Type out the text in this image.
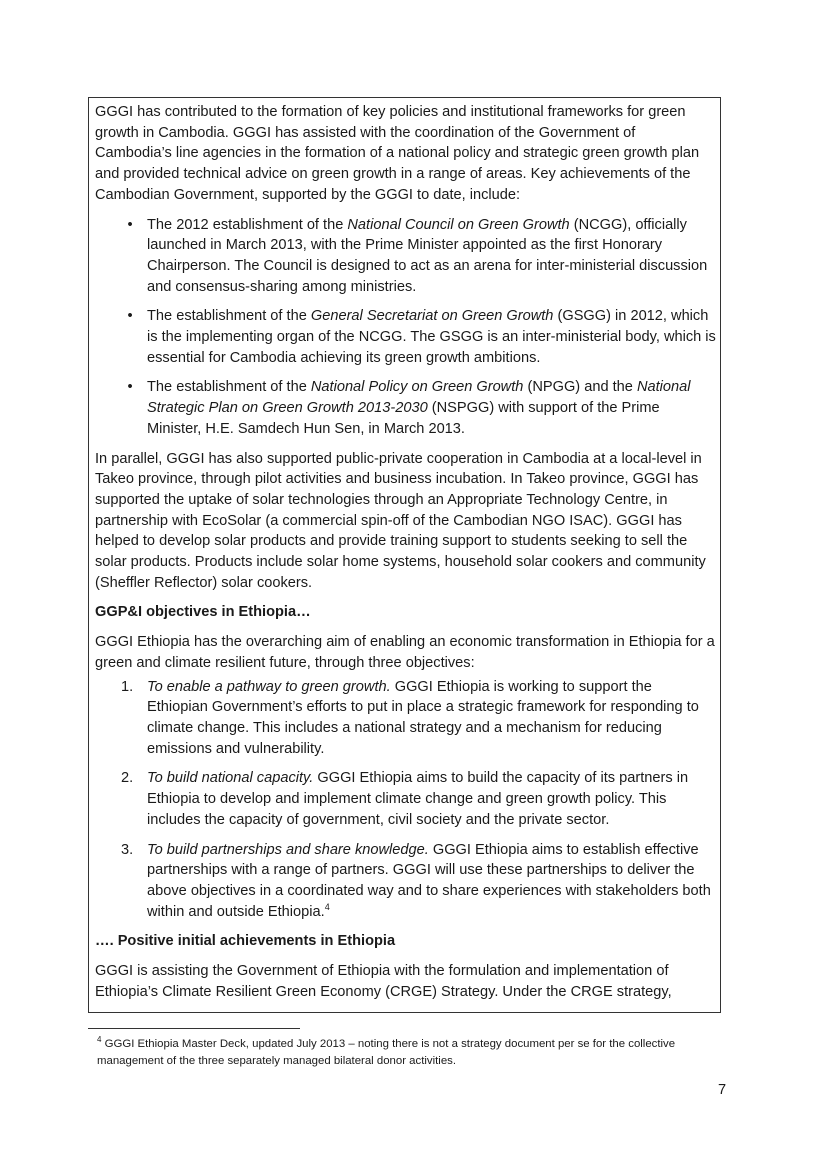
GGGI has contributed to the formation of key policies and institutional frameworks for green growth in Cambodia. GGGI has assisted with the coordination of the Government of Cambodia’s line agencies in the formation of a national policy and strategic green growth plan and provided technical advice on green growth in a range of areas. Key achievements of the Cambodian Government, supported by the GGGI to date, include:

• The 2012 establishment of the National Council on Green Growth (NCGG), officially launched in March 2013, with the Prime Minister appointed as the first Honorary Chairperson. The Council is designed to act as an arena for inter-ministerial discussion and consensus-sharing among ministries.
• The establishment of the General Secretariat on Green Growth (GSGG) in 2012, which is the implementing organ of the NCGG. The GSGG is an inter-ministerial body, which is essential for Cambodia achieving its green growth ambitions.
• The establishment of the National Policy on Green Growth (NPGG) and the National Strategic Plan on Green Growth 2013-2030 (NSPGG) with support of the Prime Minister, H.E. Samdech Hun Sen, in March 2013.

In parallel, GGGI has also supported public-private cooperation in Cambodia at a local-level in Takeo province, through pilot activities and business incubation. In Takeo province, GGGI has supported the uptake of solar technologies through an Appropriate Technology Centre, in partnership with EcoSolar (a commercial spin-off of the Cambodian NGO ISAC). GGGI has helped to develop solar products and provide training support to students seeking to sell the solar products. Products include solar home systems, household solar cookers and community (Sheffler Reflector) solar cookers.

GGP&I objectives in Ethiopia…

GGGI Ethiopia has the overarching aim of enabling an economic transformation in Ethiopia for a green and climate resilient future, through three objectives:

1. To enable a pathway to green growth. GGGI Ethiopia is working to support the Ethiopian Government’s efforts to put in place a strategic framework for responding to climate change. This includes a national strategy and a mechanism for reducing emissions and vulnerability.
2. To build national capacity. GGGI Ethiopia aims to build the capacity of its partners in Ethiopia to develop and implement climate change and green growth policy. This includes the capacity of government, civil society and the private sector.
3. To build partnerships and share knowledge. GGGI Ethiopia aims to establish effective partnerships with a range of partners. GGGI will use these partnerships to deliver the above objectives in a coordinated way and to share experiences with stakeholders both within and outside Ethiopia.$^4$

…. Positive initial achievements in Ethiopia

GGGI is assisting the Government of Ethiopia with the formulation and implementation of Ethiopia’s Climate Resilient Green Economy (CRGE) Strategy. Under the CRGE strategy,

$^4$ GGGI Ethiopia Master Deck, updated July 2013 – noting there is not a strategy document per se for the collective management of the three separately managed bilateral donor activities.
7
